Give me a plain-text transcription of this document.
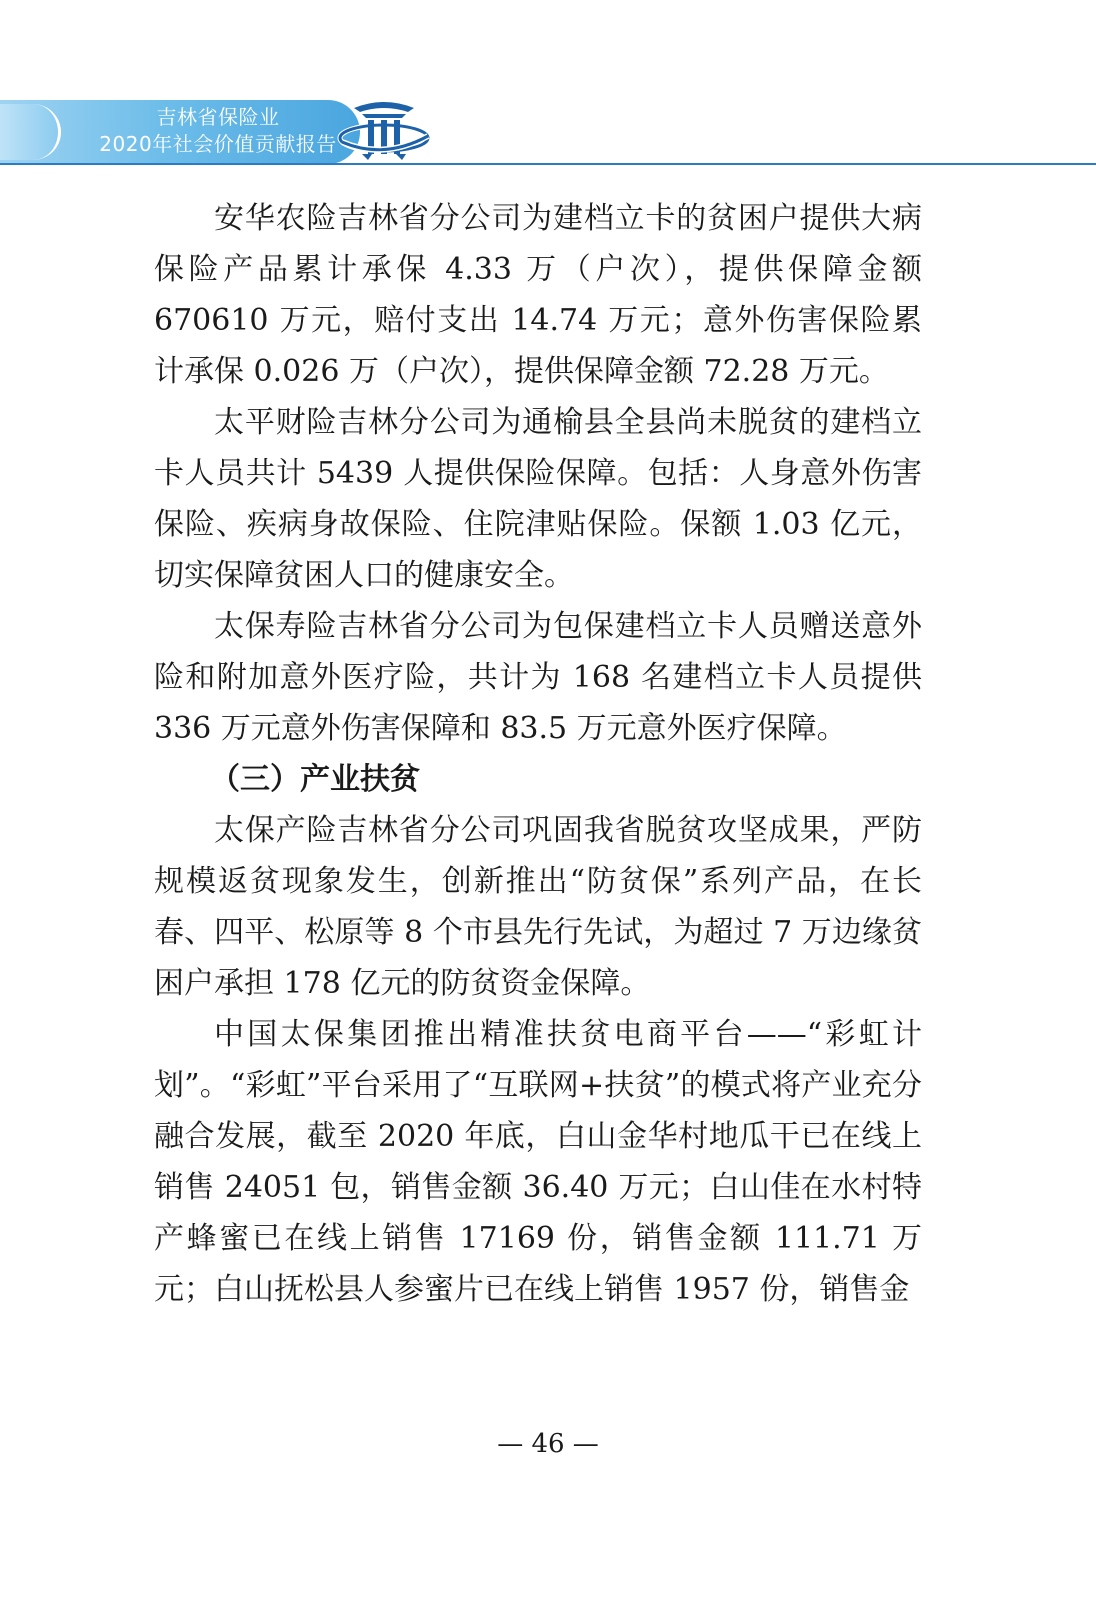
吉林省保险业
2020年社会价值贡献报告

安华农险吉林省分公司为建档立卡的贫困户提供大病保险产品累计承保 4.33 万（户次），提供保障金额 670610 万元，赔付支出 14.74 万元；意外伤害保险累计承保 0.026 万（户次），提供保障金额 72.28 万元。

太平财险吉林分公司为通榆县全县尚未脱贫的建档立卡人员共计 5439 人提供保险保障。包括：人身意外伤害保险、疾病身故保险、住院津贴保险。保额 1.03 亿元，切实保障贫困人口的健康安全。

太保寿险吉林省分公司为包保建档立卡人员赠送意外险和附加意外医疗险，共计为 168 名建档立卡人员提供 336 万元意外伤害保障和 83.5 万元意外医疗保障。

（三）产业扶贫

太保产险吉林省分公司巩固我省脱贫攻坚成果，严防规模返贫现象发生，创新推出“防贫保”系列产品，在长春、四平、松原等 8 个市县先行先试，为超过 7 万边缘贫困户承担 178 亿元的防贫资金保障。

中国太保集团推出精准扶贫电商平台——“彩虹计划”。“彩虹”平台采用了“互联网+扶贫”的模式将产业充分融合发展，截至 2020 年底，白山金华村地瓜干已在线上销售 24051 包，销售金额 36.40 万元；白山佳在水村特产蜂蜜已在线上销售 17169 份，销售金额 111.71 万元；白山抚松县人参蜜片已在线上销售 1957 份，销售金

— 46 —
